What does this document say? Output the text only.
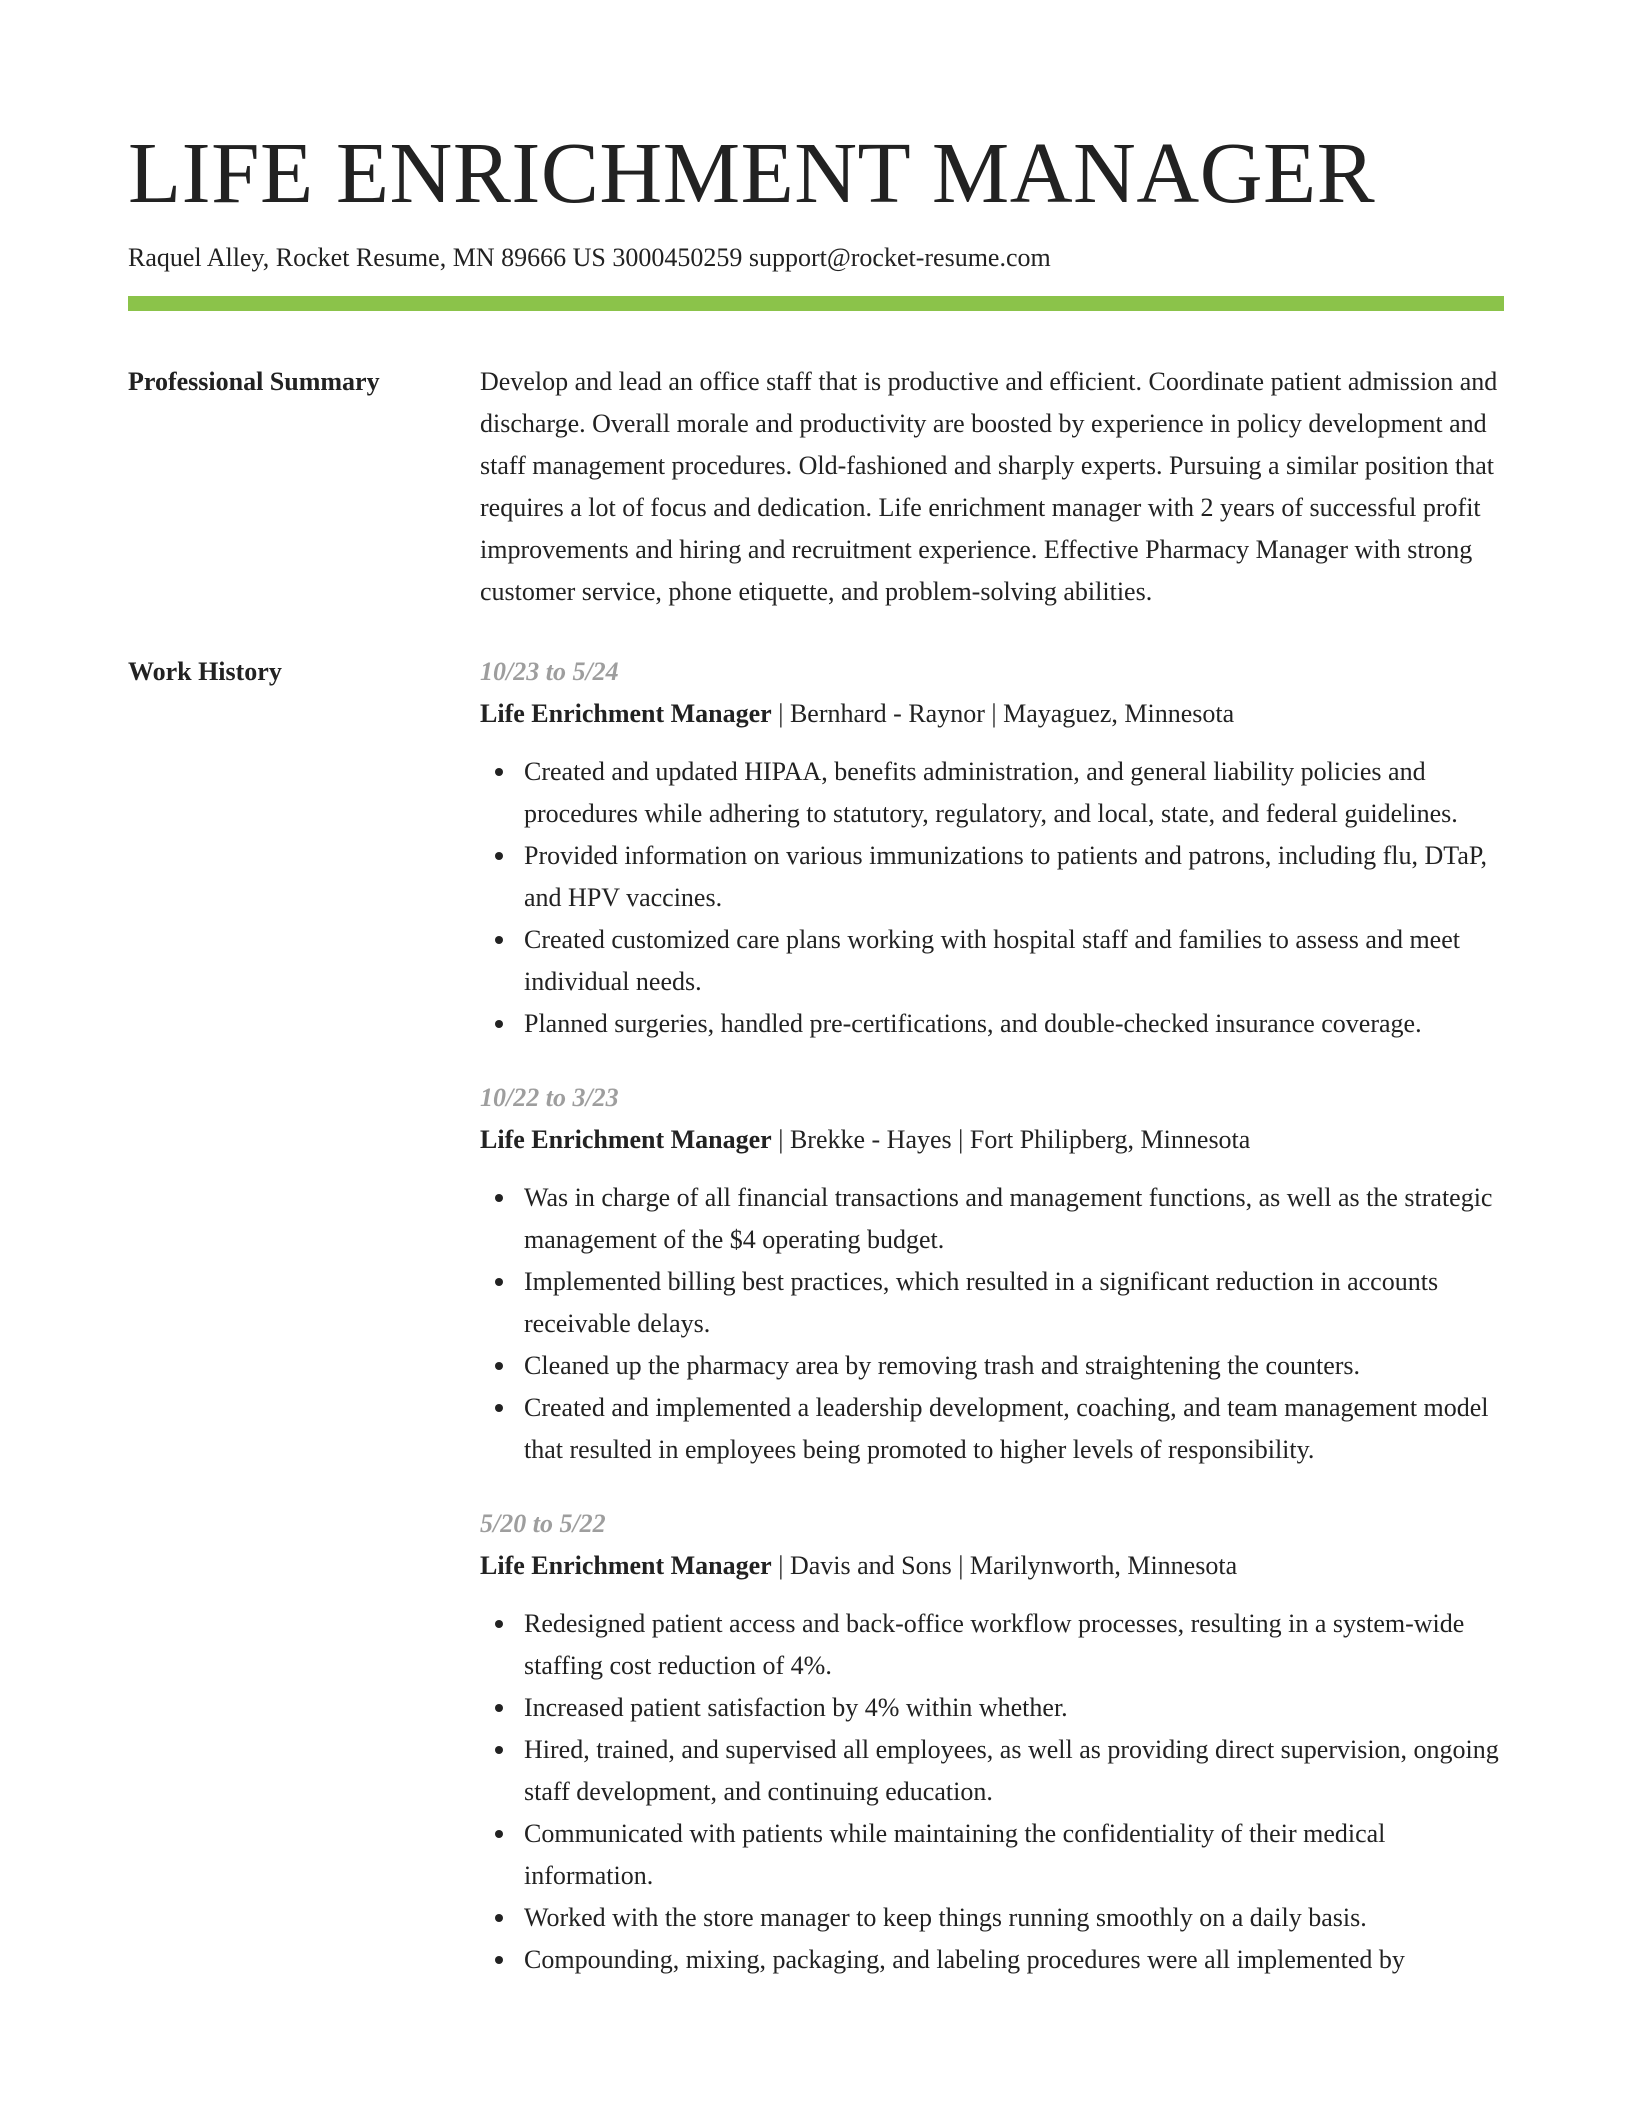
LIFE ENRICHMENT MANAGER
Raquel Alley, Rocket Resume, MN 89666 US 3000450259 support@rocket-resume.com
Professional Summary	Develop and lead an office staff that is productive and efficient. Coordinate patient admission and discharge. Overall morale and productivity are boosted by experience in policy development and staff management procedures. Old-fashioned and sharply experts. Pursuing a similar position that requires a lot of focus and dedication. Life enrichment manager with 2 years of successful profit improvements and hiring and recruitment experience. Effective Pharmacy Manager with strong customer service, phone etiquette, and problem-solving abilities.

Work History	10/23 to 5/24
Life Enrichment Manager | Bernhard - Raynor | Mayaguez, Minnesota
Created and updated HIPAA, benefits administration, and general liability policies and procedures while adhering to statutory, regulatory, and local, state, and federal guidelines.
Provided information on various immunizations to patients and patrons, including flu, DTaP, and HPV vaccines.
Created customized care plans working with hospital staff and families to assess and meet individual needs.
Planned surgeries, handled pre-certifications, and double-checked insurance coverage.
10/22 to 3/23
Life Enrichment Manager | Brekke - Hayes | Fort Philipberg, Minnesota
Was in charge of all financial transactions and management functions, as well as the strategic management of the $4 operating budget.
Implemented billing best practices, which resulted in a significant reduction in accounts receivable delays.
Cleaned up the pharmacy area by removing trash and straightening the counters.
Created and implemented a leadership development, coaching, and team management model that resulted in employees being promoted to higher levels of responsibility.
5/20 to 5/22
Life Enrichment Manager | Davis and Sons | Marilynworth, Minnesota
Redesigned patient access and back-office workflow processes, resulting in a system-wide staffing cost reduction of 4%.
Increased patient satisfaction by 4% within whether.
Hired, trained, and supervised all employees, as well as providing direct supervision, ongoing staff development, and continuing education.
Communicated with patients while maintaining the confidentiality of their medical information.
Worked with the store manager to keep things running smoothly on a daily basis.
Compounding, mixing, packaging, and labeling procedures were all implemented by
